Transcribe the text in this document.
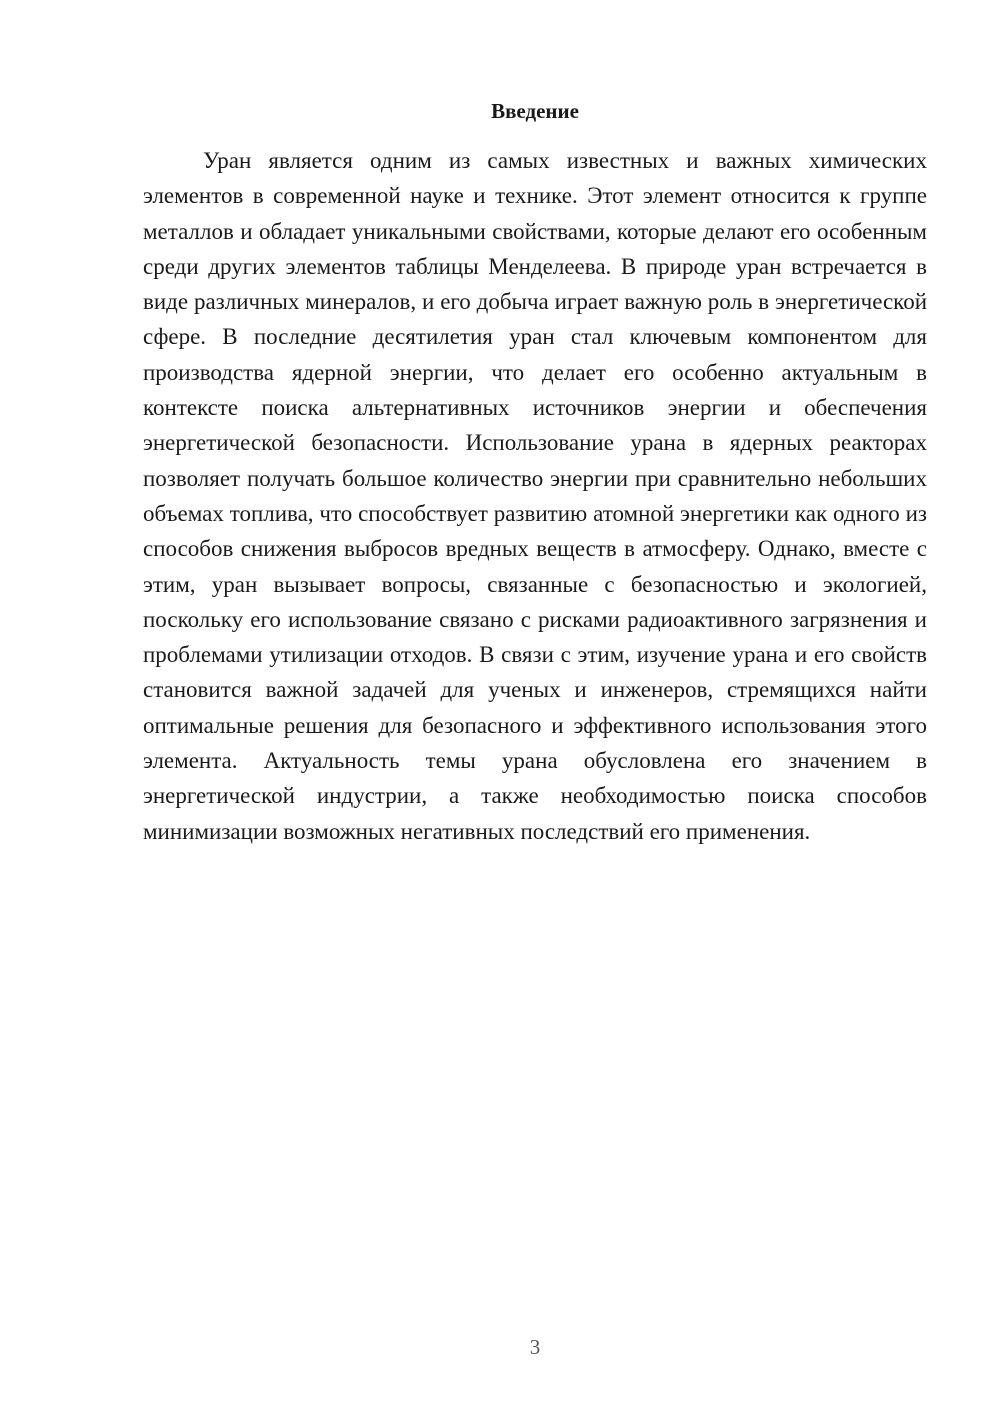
Введение

Уран является одним из самых известных и важных химических элементов в современной науке и технике. Этот элемент относится к группе металлов и обладает уникальными свойствами, которые делают его особенным среди других элементов таблицы Менделеева. В природе уран встречается в виде различных минералов, и его добыча играет важную роль в энергетической сфере. В последние десятилетия уран стал ключевым компонентом для производства ядерной энергии, что делает его особенно актуальным в контексте поиска альтернативных источников энергии и обеспечения энергетической безопасности. Использование урана в ядерных реакторах позволяет получать большое количество энергии при сравнительно небольших объемах топлива, что способствует развитию атомной энергетики как одного из способов снижения выбросов вредных веществ в атмосферу. Однако, вместе с этим, уран вызывает вопросы, связанные с безопасностью и экологией, поскольку его использование связано с рисками радиоактивного загрязнения и проблемами утилизации отходов. В связи с этим, изучение урана и его свойств становится важной задачей для ученых и инженеров, стремящихся найти оптимальные решения для безопасного и эффективного использования этого элемента. Актуальность темы урана обусловлена его значением в энергетической индустрии, а также необходимостью поиска способов минимизации возможных негативных последствий его применения.

3
